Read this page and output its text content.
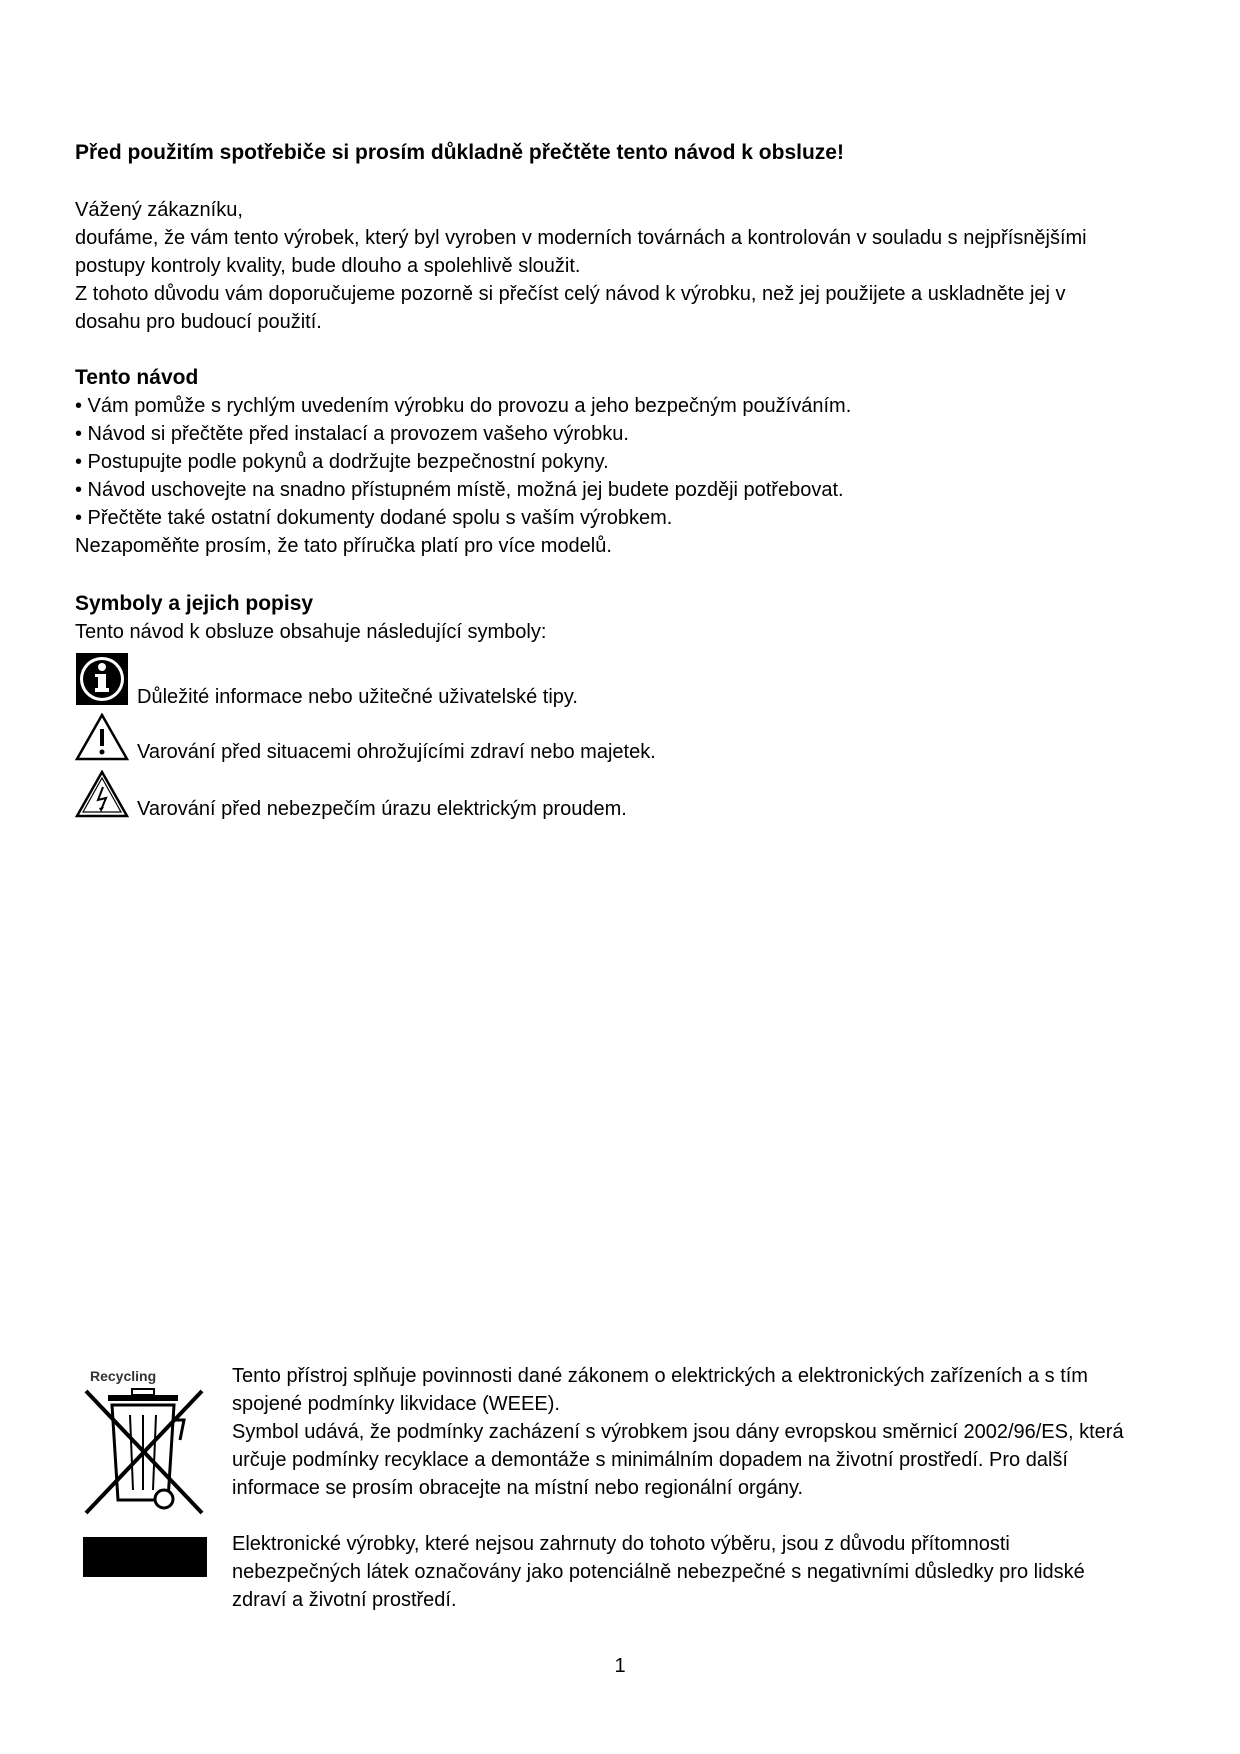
Před použitím spotřebiče si prosím důkladně přečtěte tento návod k obsluze!

Vážený zákazníku,

doufáme, že vám tento výrobek, který byl vyroben v moderních továrnách a kontrolován v souladu s nejpřísnějšími

postupy kontroly kvality, bude dlouho a spolehlivě sloužit.

Z tohoto důvodu vám doporučujeme pozorně si přečíst celý návod k výrobku, než jej použijete a uskladněte jej v

dosahu pro budoucí použití.

Tento návod

• Vám pomůže s rychlým uvedením výrobku do provozu a jeho bezpečným používáním.

• Návod si přečtěte před instalací a provozem vašeho výrobku.

• Postupujte podle pokynů a dodržujte bezpečnostní pokyny.

• Návod uschovejte na snadno přístupném místě, možná jej budete později potřebovat.

• Přečtěte také ostatní dokumenty dodané spolu s vaším výrobkem.

Nezapoměňte prosím, že tato příručka platí pro více modelů.

Symboly a jejich popisy

Tento návod k obsluze obsahuje následující symboly:

Důležité informace nebo užitečné uživatelské tipy.
Varování před situacemi ohrožujícími zdraví nebo majetek.
Varování před nebezpečím úrazu elektrickým proudem.
Recycling	Tento přístroj splňuje povinnosti dané zákonem o elektrických a elektronických zařízeních a s tím

spojené podmínky likvidace (WEEE).

Symbol udává, že podmínky zacházení s výrobkem jsou dány evropskou směrnicí 2002/96/ES, která

určuje podmínky recyklace a demontáže s minimálním dopadem na životní prostředí. Pro další

informace se prosím obracejte na místní nebo regionální orgány.

Elektronické výrobky, které nejsou zahrnuty do tohoto výběru, jsou z důvodu přítomnosti

nebezpečných látek označovány jako potenciálně nebezpečné s negativními důsledky pro lidské

zdraví a životní prostředí.

1
